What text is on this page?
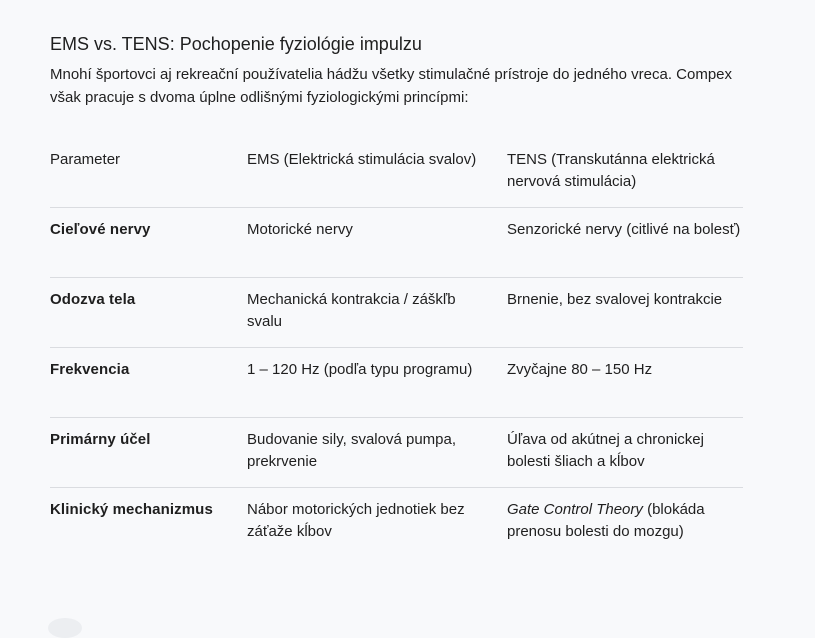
EMS vs. TENS: Pochopenie fyziológie impulzu

Mnohí športovci aj rekreační používatelia hádžu všetky stimulačné prístroje do jedného vreca. Compex však pracuje s dvoma úplne odlišnými fyziologickými princípmi:

Parameter	EMS (Elektrická stimulácia svalov)	TENS (Transkutánna elektrická nervová stimulácia)
Cieľové nervy	Motorické nervy	Senzorické nervy (citlivé na bolesť)
Odozva tela	Mechanická kontrakcia / záškľb svalu	Brnenie, bez svalovej kontrakcie
Frekvencia	1 – 120 Hz (podľa typu programu)	Zvyčajne 80 – 150 Hz
Primárny účel	Budovanie sily, svalová pumpa, prekrvenie	Úľava od akútnej a chronickej bolesti šliach a kĺbov
Klinický mechanizmus	Nábor motorických jednotiek bez záťaže kĺbov	Gate Control Theory (blokáda prenosu bolesti do mozgu)
